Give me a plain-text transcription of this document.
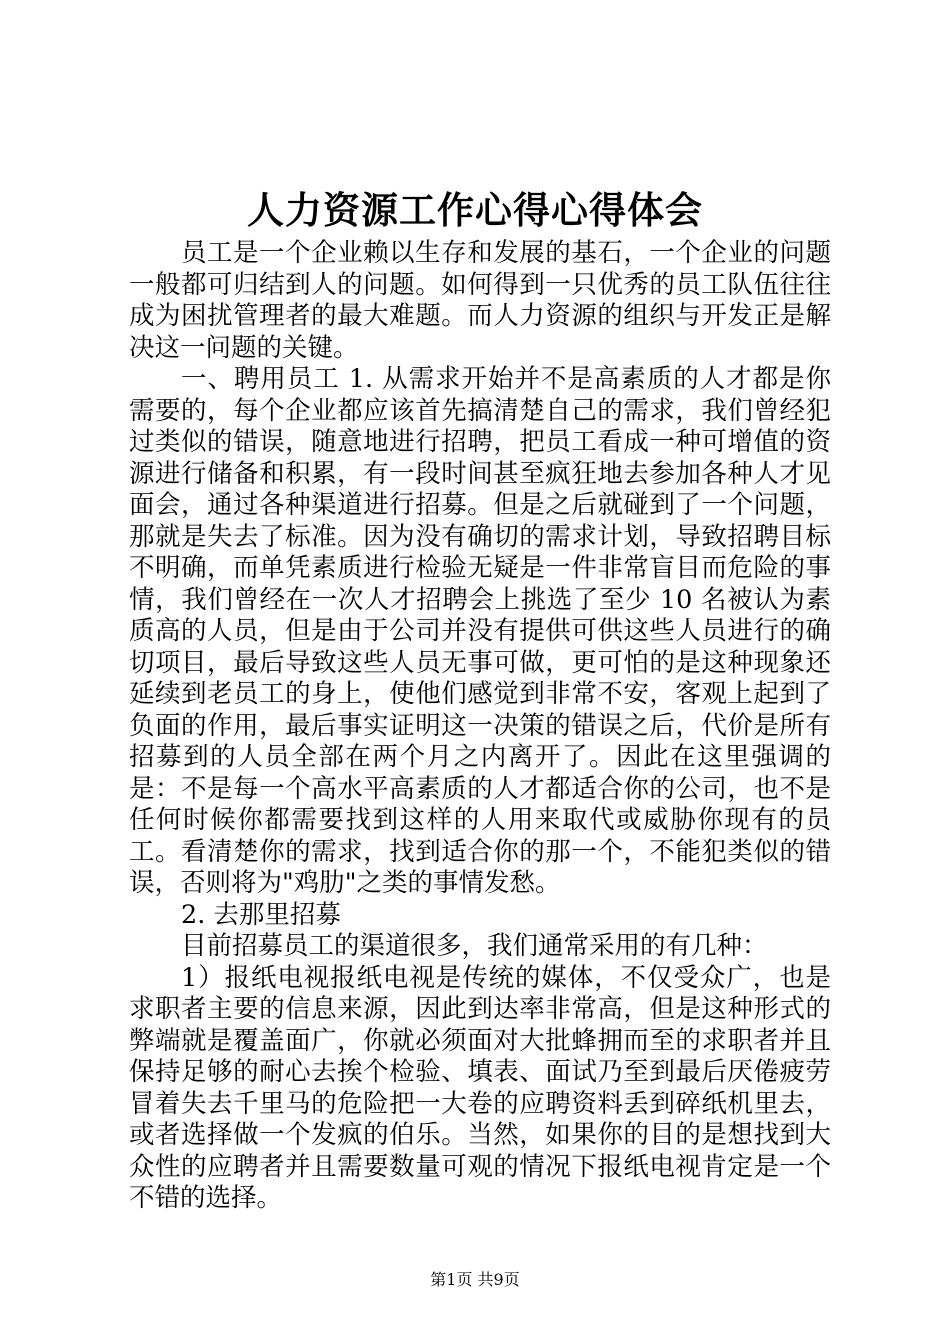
人力资源工作心得心得体会

员工是一个企业赖以生存和发展的基石，一个企业的问题一般都可归结到人的问题。如何得到一只优秀的员工队伍往往成为困扰管理者的最大难题。而人力资源的组织与开发正是解决这一问题的关键。

一、聘用员工 1. 从需求开始并不是高素质的人才都是你需要的，每个企业都应该首先搞清楚自己的需求，我们曾经犯过类似的错误，随意地进行招聘，把员工看成一种可增值的资源进行储备和积累，有一段时间甚至疯狂地去参加各种人才见面会，通过各种渠道进行招募。但是之后就碰到了一个问题，那就是失去了标准。因为没有确切的需求计划，导致招聘目标不明确，而单凭素质进行检验无疑是一件非常盲目而危险的事情，我们曾经在一次人才招聘会上挑选了至少 10 名被认为素质高的人员，但是由于公司并没有提供可供这些人员进行的确切项目，最后导致这些人员无事可做，更可怕的是这种现象还延续到老员工的身上，使他们感觉到非常不安，客观上起到了负面的作用，最后事实证明这一决策的错误之后，代价是所有招募到的人员全部在两个月之内离开了。因此在这里强调的是：不是每一个高水平高素质的人才都适合你的公司，也不是任何时候你都需要找到这样的人用来取代或威胁你现有的员工。看清楚你的需求，找到适合你的那一个，不能犯类似的错误，否则将为"鸡肋"之类的事情发愁。

2. 去那里招募

目前招募员工的渠道很多，我们通常采用的有几种：

1）报纸电视报纸电视是传统的媒体，不仅受众广，也是求职者主要的信息来源，因此到达率非常高，但是这种形式的弊端就是覆盖面广，你就必须面对大批蜂拥而至的求职者并且保持足够的耐心去挨个检验、填表、面试乃至到最后厌倦疲劳冒着失去千里马的危险把一大卷的应聘资料丢到碎纸机里去，或者选择做一个发疯的伯乐。当然，如果你的目的是想找到大众性的应聘者并且需要数量可观的情况下报纸电视肯定是一个不错的选择。

第1页 共9页
